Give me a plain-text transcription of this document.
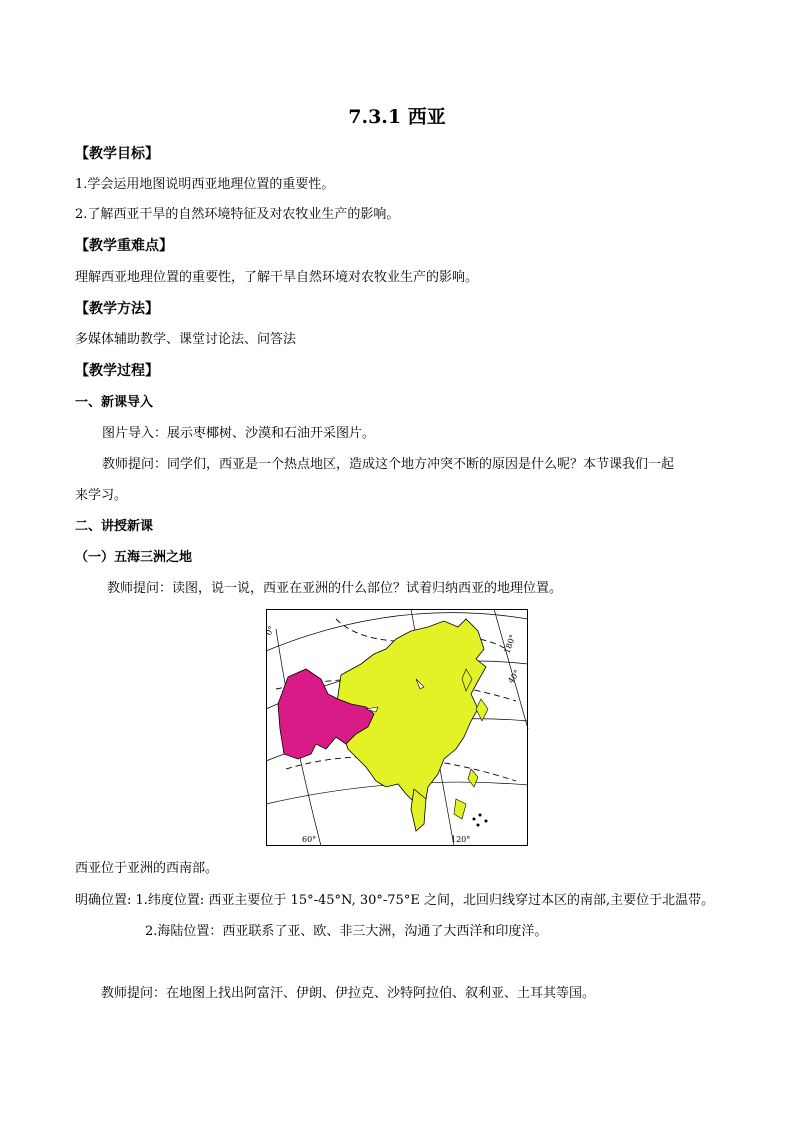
7.3.1 西亚
【教学目标】
1.学会运用地图说明西亚地理位置的重要性。
2.了解西亚干旱的自然环境特征及对农牧业生产的影响。
【教学重难点】
理解西亚地理位置的重要性，了解干旱自然环境对农牧业生产的影响。
【教学方法】
多媒体辅助教学、课堂讨论法、问答法
【教学过程】
一、新课导入
图片导入：展示枣椰树、沙漠和石油开采图片。
教师提问：同学们，西亚是一个热点地区，造成这个地方冲突不断的原因是什么呢？本节课我们一起
来学习。
二、讲授新课
（一）五海三洲之地
教师提问：读图，说一说，西亚在亚洲的什么部位？试着归纳西亚的地理位置。
0°
60°	120°
180°
40°
西亚位于亚洲的西南部。
明确位置: 1.纬度位置: 西亚主要位于 15°-45°N, 30°-75°E 之间，北回归线穿过本区的南部,主要位于北温带。
2.海陆位置：西亚联系了亚、欧、非三大洲，沟通了大西洋和印度洋。
教师提问：在地图上找出阿富汗、伊朗、伊拉克、沙特阿拉伯、叙利亚、土耳其等国。
